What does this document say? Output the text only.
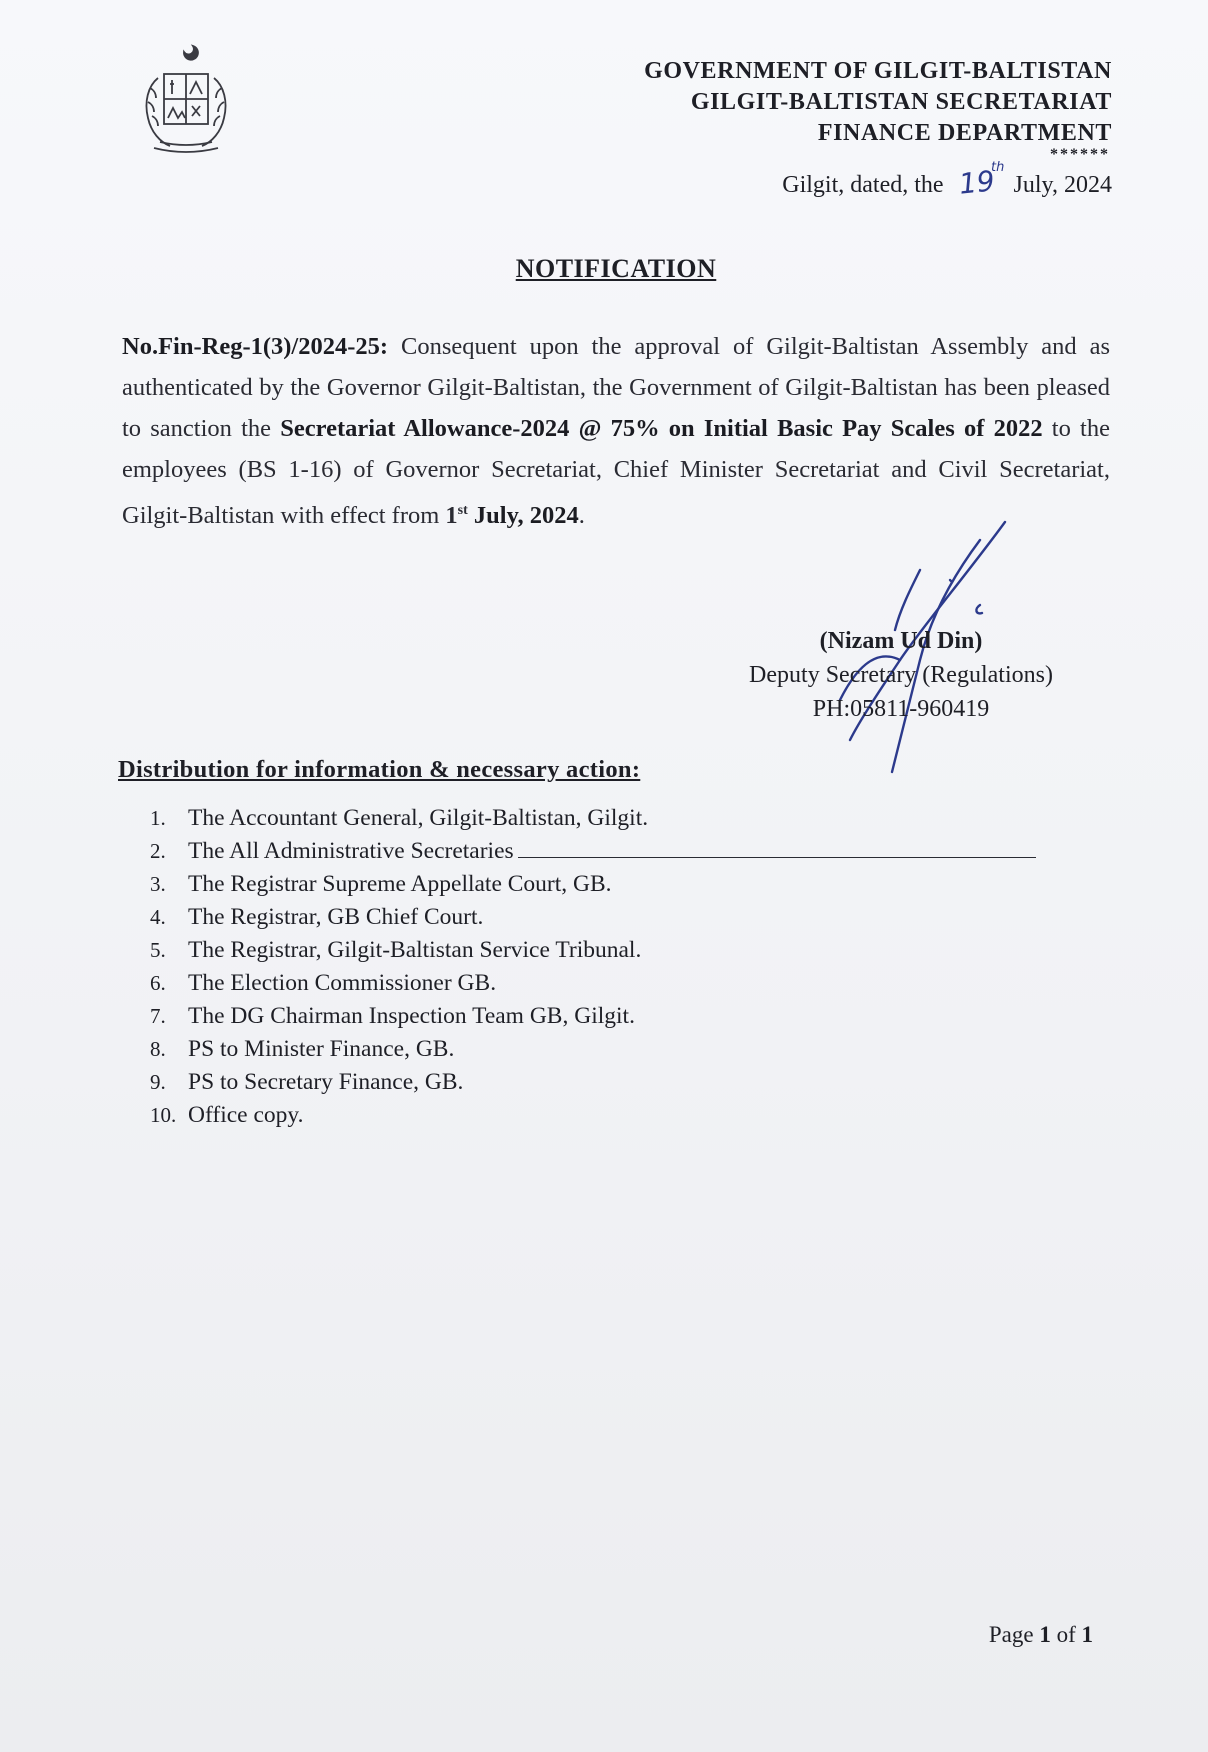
GOVERNMENT OF GILGIT-BALTISTAN
GILGIT-BALTISTAN SECRETARIAT
FINANCE DEPARTMENT
******
Gilgit, dated, the	July, 2024
19
th
NOTIFICATION
No.Fin-Reg-1(3)/2024-25: Consequent upon the approval of Gilgit-Baltistan Assembly and as authenticated by the Governor Gilgit-Baltistan, the Government of Gilgit-Baltistan has been pleased to sanction the Secretariat Allowance-2024 @ 75% on Initial Basic Pay Scales of 2022 to the employees (BS 1-16) of Governor Secretariat, Chief Minister Secretariat and Civil Secretariat, Gilgit-Baltistan with effect from 1st July, 2024.
(Nizam Ud Din)
Deputy Secretary (Regulations)
PH:05811-960419
Distribution for information & necessary action:
1. The Accountant General, Gilgit-Baltistan, Gilgit.
2. The All Administrative Secretaries
3. The Registrar Supreme Appellate Court, GB.
4. The Registrar, GB Chief Court.
5. The Registrar, Gilgit-Baltistan Service Tribunal.
6. The Election Commissioner GB.
7. The DG Chairman Inspection Team GB, Gilgit.
8. PS to Minister Finance, GB.
9. PS to Secretary Finance, GB.
10. Office copy.
Page 1 of 1
